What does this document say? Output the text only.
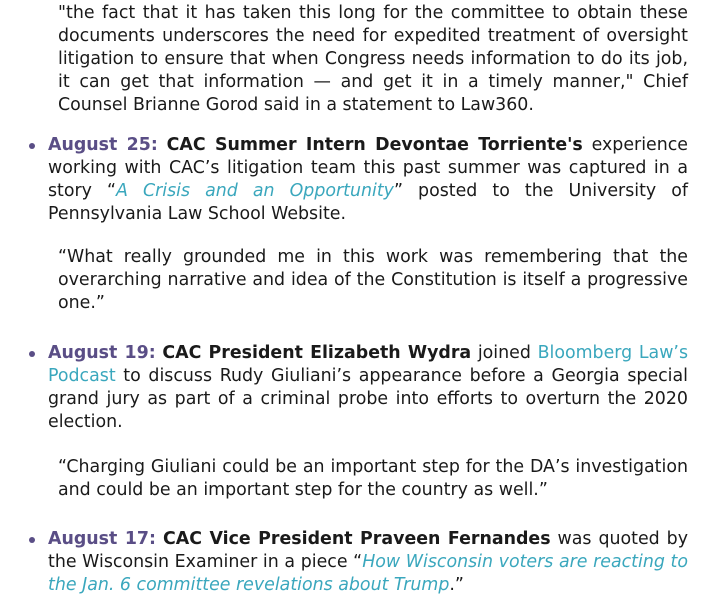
"the fact that it has taken this long for the committee to obtain these documents underscores the need for expedited treatment of oversight litigation to ensure that when Congress needs information to do its job, it can get that information — and get it in a timely manner," Chief Counsel Brianne Gorod said in a statement to Law360.

August 25: CAC Summer Intern Devontae Torriente's experience working with CAC’s litigation team this past summer was captured in a story “A Crisis and an Opportunity” posted to the University of Pennsylvania Law School Website.

“What really grounded me in this work was remembering that the overarching narrative and idea of the Constitution is itself a progressive one.”

August 19: CAC President Elizabeth Wydra joined Bloomberg Law’s Podcast to discuss Rudy Giuliani’s appearance before a Georgia special grand jury as part of a criminal probe into efforts to overturn the 2020 election.

“Charging Giuliani could be an important step for the DA’s investigation and could be an important step for the country as well.”

August 17: CAC Vice President Praveen Fernandes was quoted by the Wisconsin Examiner in a piece “How Wisconsin voters are reacting to the Jan. 6 committee revelations about Trump.”
